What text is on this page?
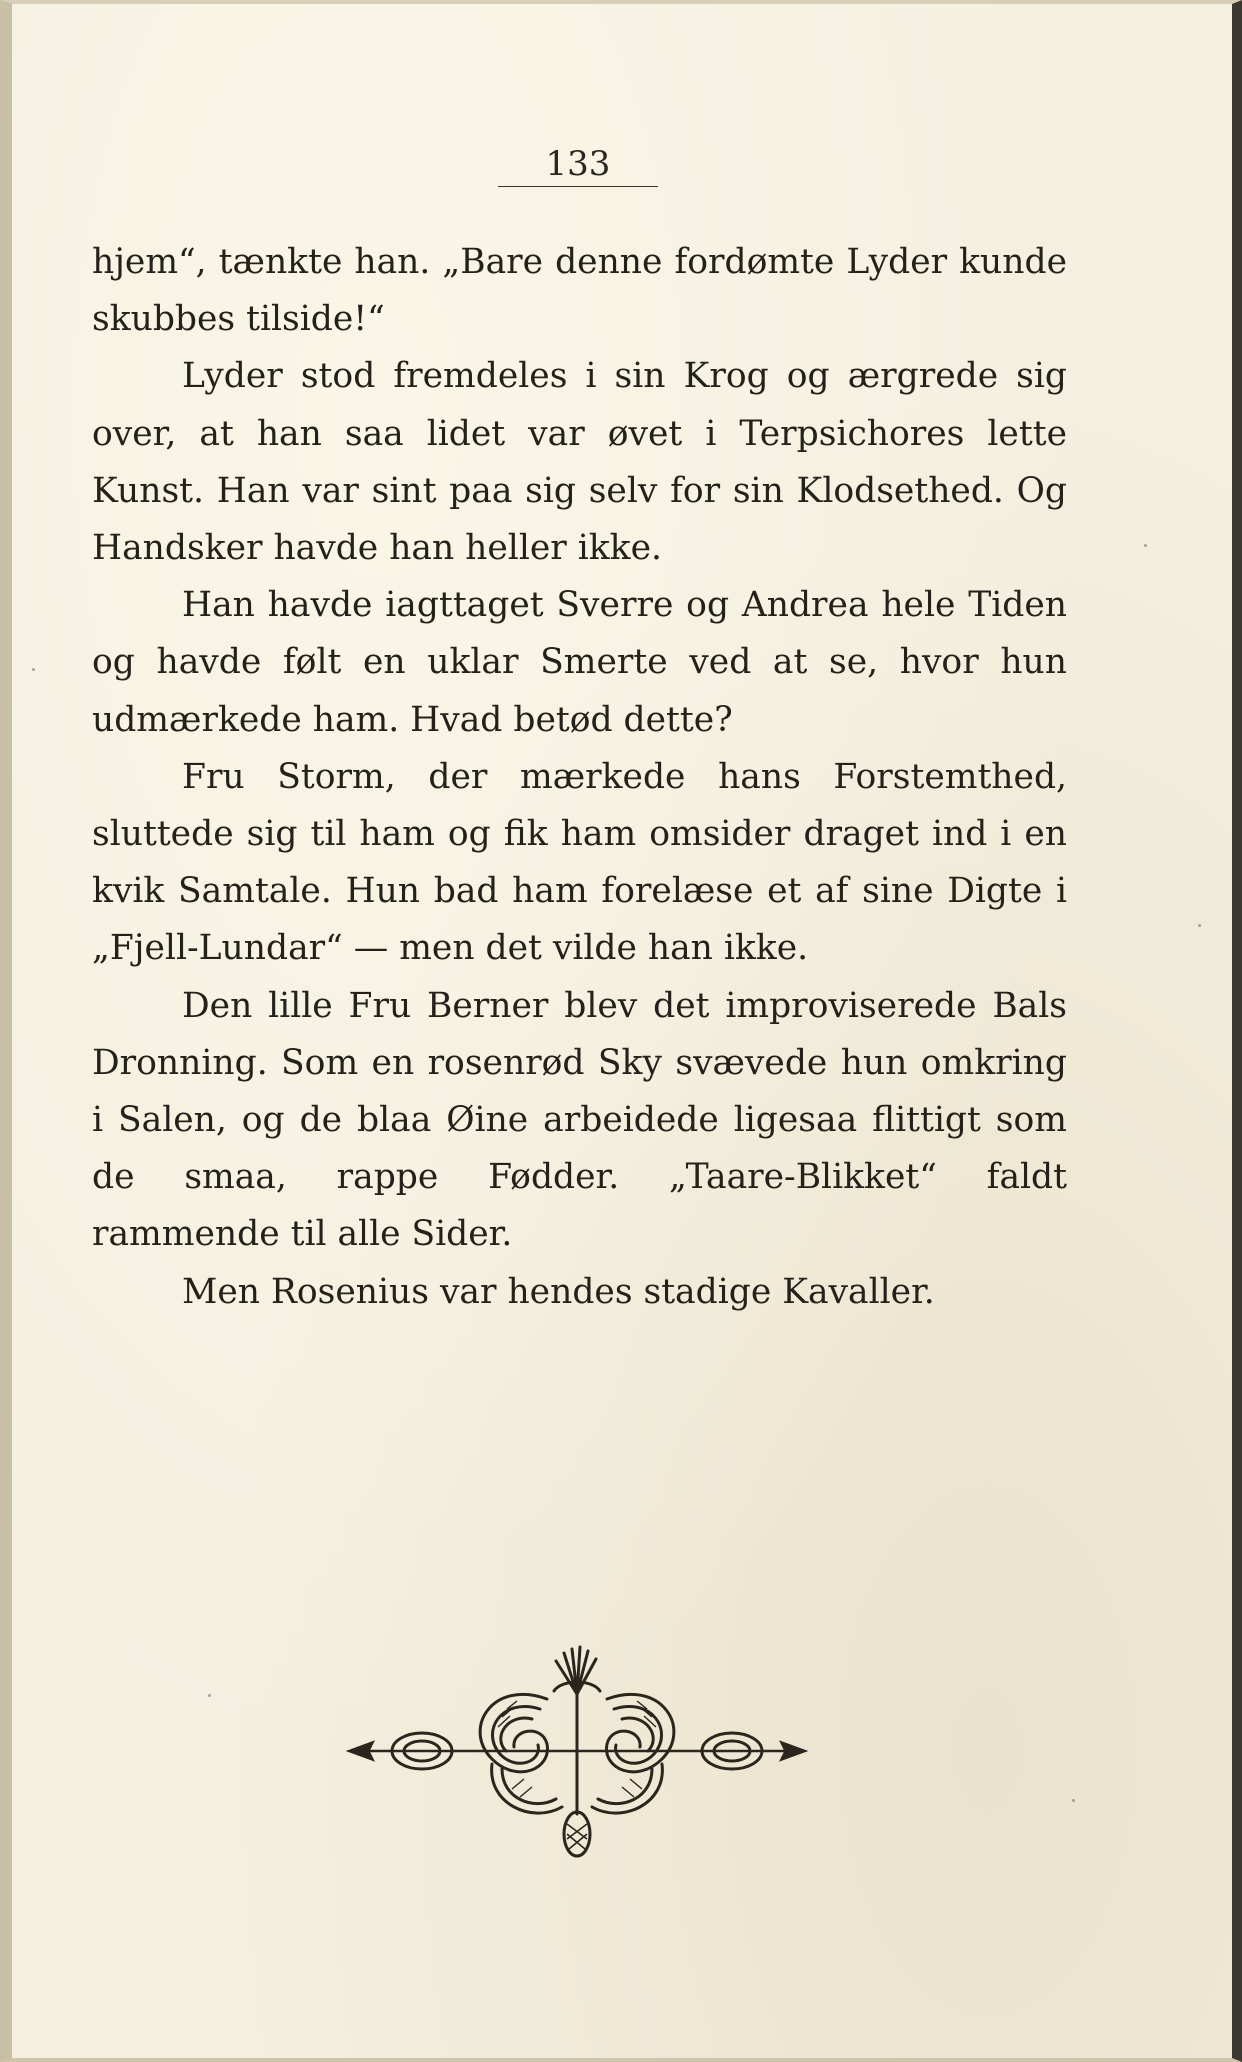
133

hjem“, tænkte han. „Bare denne fordømte Lyder kunde skubbes tilside!“

Lyder stod fremdeles i sin Krog og ærgrede sig over, at han saa lidet var øvet i Terpsichores lette Kunst. Han var sint paa sig selv for sin Klodsethed. Og Handsker havde han heller ikke.

Han havde iagttaget Sverre og Andrea hele Tiden og havde følt en uklar Smerte ved at se, hvor hun udmærkede ham. Hvad betød dette?

Fru Storm, der mærkede hans Forstemthed, sluttede sig til ham og fik ham omsider draget ind i en kvik Samtale. Hun bad ham forelæse et af sine Digte i „Fjell-Lundar“ — men det vilde han ikke.

Den lille Fru Berner blev det improviserede Bals Dronning. Som en rosenrød Sky svævede hun omkring i Salen, og de blaa Øine arbeidede ligesaa flittigt som de smaa, rappe Fødder. „Taare-Blikket“ faldt rammende til alle Sider.

Men Rosenius var hendes stadige Kavaller.
